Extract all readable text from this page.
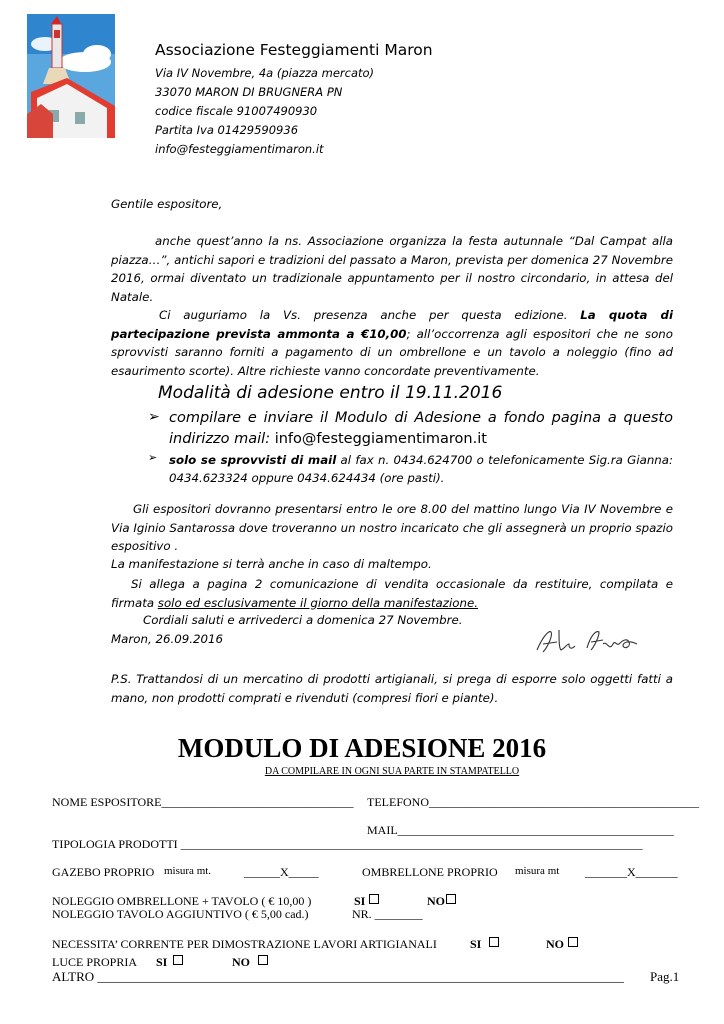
Associazione Festeggiamenti Maron
Via IV Novembre, 4a (piazza mercato)
33070 MARON DI BRUGNERA PN
codice fiscale 91007490930
Partita Iva 01429590936
info@festeggiamentimaron.it
Gentile espositore,
anche quest’anno la ns. Associazione organizza la festa autunnale “Dal Campat alla piazza…”, antichi sapori e tradizioni del passato a Maron, prevista per domenica 27 Novembre 2016, ormai diventato un tradizionale appuntamento per il nostro circondario, in attesa del Natale.
Ci auguriamo la Vs. presenza anche per questa edizione. La quota di partecipazione prevista ammonta a €10,00; all’occorrenza agli espositori che ne sono sprovvisti saranno forniti a pagamento di un ombrellone e un tavolo a noleggio (fino ad esaurimento scorte). Altre richieste vanno concordate preventivamente.
Modalità di adesione entro il 19.11.2016
➢ compilare e inviare il Modulo di Adesione a fondo pagina a questo indirizzo mail: info@festeggiamentimaron.it
➢ solo se sprovvisti di mail al fax n. 0434.624700 o telefonicamente Sig.ra Gianna: 0434.623324 oppure 0434.624434 (ore pasti).
Gli espositori dovranno presentarsi entro le ore 8.00 del mattino lungo Via IV Novembre e Via Iginio Santarossa dove troveranno un nostro incaricato che gli assegnerà un proprio spazio espositivo .
La manifestazione si terrà anche in caso di maltempo.
Si allega a pagina 2 comunicazione di vendita occasionale da restituire, compilata e firmata solo ed esclusivamente il giorno della manifestazione.
Cordiali saluti e arrivederci a domenica 27 Novembre.
Maron, 26.09.2016
P.S. Trattandosi di un mercatino di prodotti artigianali, si prega di esporre solo oggetti fatti a mano, non prodotti comprati e rivenduti (compresi fiori e piante).
MODULO DI ADESIONE 2016
DA COMPILARE IN OGNI SUA PARTE IN STAMPATELLO
NOME ESPOSITORE________________________________ TELEFONO_____________________________________________
MAIL______________________________________________
TIPOLOGIA PRODOTTI _____________________________________________________________________________
GAZEBO PROPRIO misura mt.	______X_____	OMBRELLONE PROPRIO misura mt _______X_______
NOLEGGIO OMBRELLONE + TAVOLO ( € 10,00 )	SI	NO
NOLEGGIO TAVOLO AGGIUNTIVO ( € 5,00 cad.)	NR. ________
NECESSITA’ CORRENTE PER DIMOSTRAZIONE LAVORI ARTIGIANALI	SI	NO
LUCE PROPRIA SI	NO
ALTRO _________________________________________________________________________________ Pag.1
